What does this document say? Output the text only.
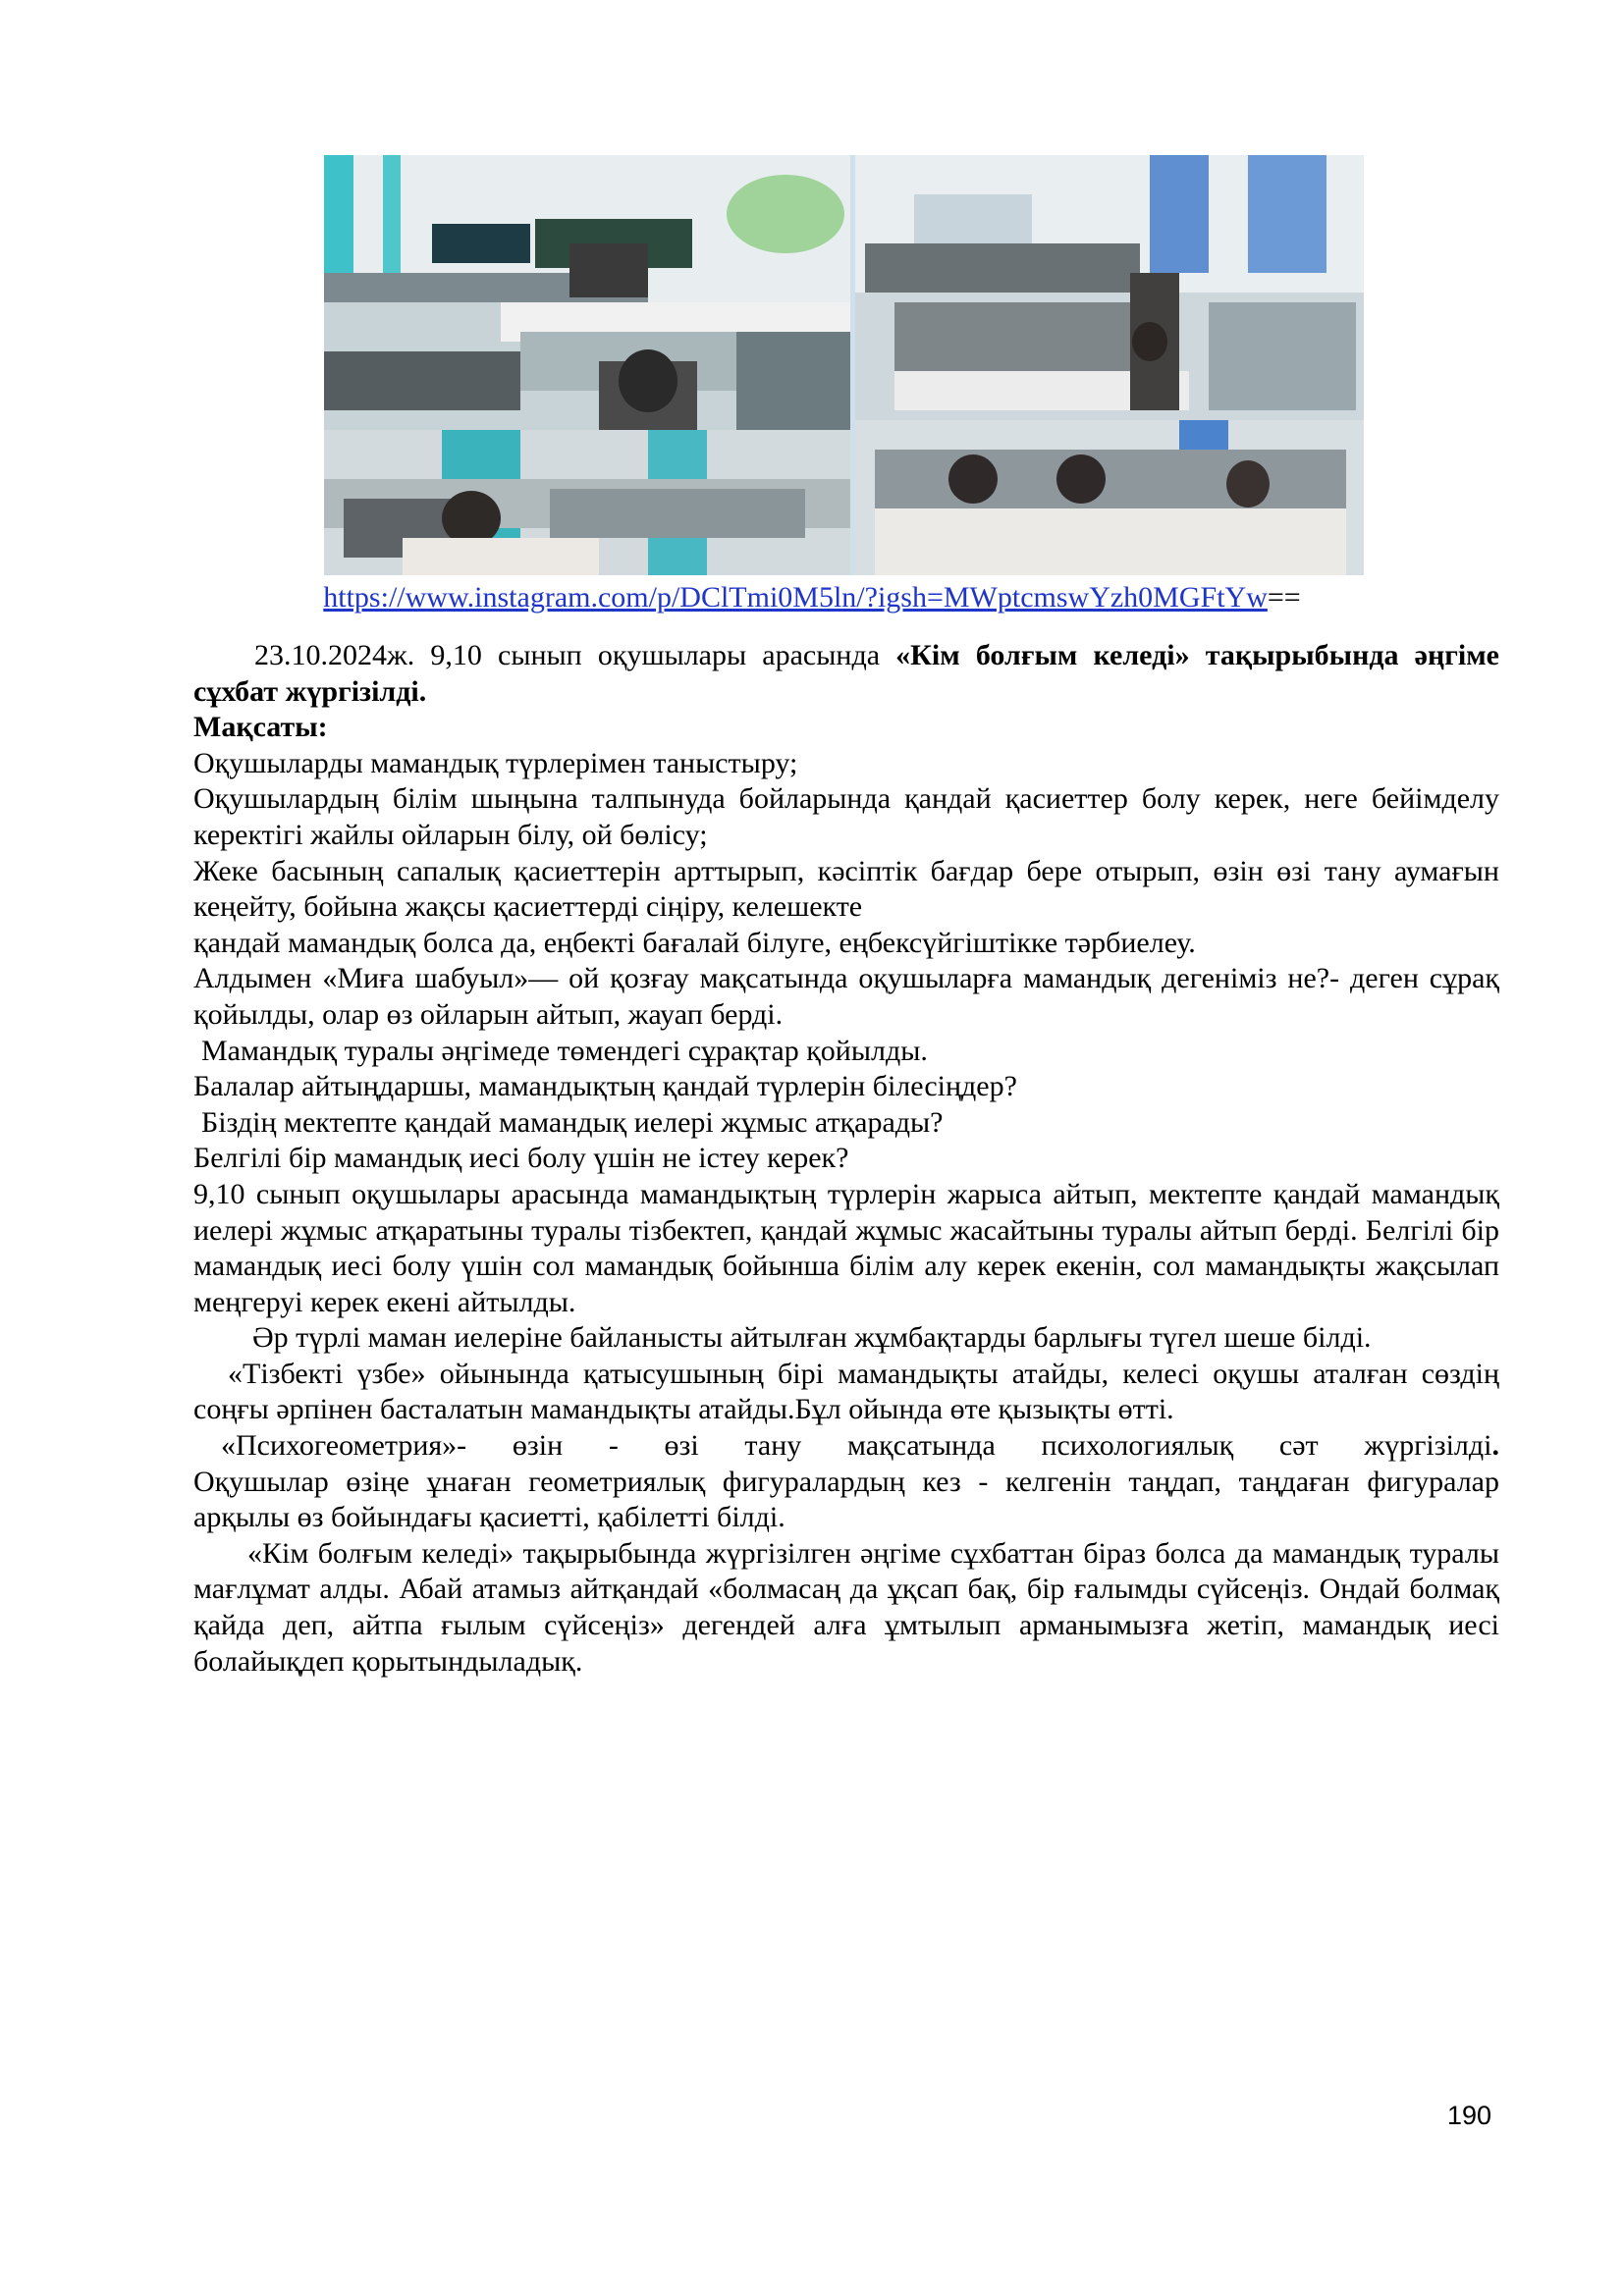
https://www.instagram.com/p/DClTmi0M5ln/?igsh=MWptcmswYzh0MGFtYw==

23.10.2024ж. 9,10 сынып оқушылары арасында «Кім болғым келеді» тақырыбында әңгіме сұхбат жүргізілді.

Мақсаты:

Оқушыларды мамандық түрлерімен таныстыру;

Оқушылардың білім шыңына талпынуда бойларында қандай қасиеттер болу керек, неге бейімделу керектігі жайлы ойларын білу, ой бөлісу;

Жеке басының сапалық қасиеттерін арттырып, кәсіптік бағдар бере отырып, өзін өзі тану аумағын кеңейту, бойына жақсы қасиеттерді сіңіру, келешекте

қандай мамандық болса да, еңбекті бағалай білуге, еңбексүйгіштікке тәрбиелеу.

Алдымен «Миға шабуыл»— ой қозғау мақсатында оқушыларға мамандық дегеніміз не?- деген сұрақ қойылды, олар өз ойларын айтып, жауап берді.

Мамандық туралы әңгімеде төмендегі сұрақтар қойылды.

Балалар айтыңдаршы, мамандықтың қандай түрлерін білесіңдер?

Біздің мектепте қандай мамандық иелері жұмыс атқарады?

Белгілі бір мамандық иесі болу үшін не істеу керек?

9,10 сынып оқушылары арасында мамандықтың түрлерін жарыса айтып, мектепте қандай мамандық иелері жұмыс атқаратыны туралы тізбектеп, қандай жұмыс жасайтыны туралы айтып берді. Белгілі бір мамандық иесі болу үшін сол мамандық бойынша білім алу керек екенін, сол мамандықты жақсылап меңгеруі керек екені айтылды.

Әр түрлі маман иелеріне байланысты айтылған жұмбақтарды барлығы түгел шеше білді.

«Тізбекті үзбе» ойынында қатысушының бірі мамандықты атайды, келесі оқушы аталған сөздің соңғы әрпінен басталатын мамандықты атайды.Бұл ойында өте қызықты өтті.

«Психогеометрия»- өзін - өзі тану мақсатында психологиялық сәт жүргізілді.

Оқушылар өзіңе ұнаған геометриялық фигуралардың кез - келгенін таңдап, таңдаған фигуралар арқылы өз бойындағы қасиетті, қабілетті білді.

«Кім болғым келеді» тақырыбында жүргізілген әңгіме сұхбаттан біраз болса да мамандық туралы мағлұмат алды. Абай атамыз айтқандай «болмасаң да ұқсап бақ, бір ғалымды сүйсеңіз. Ондай болмақ қайда деп, айтпа ғылым сүйсеңіз» дегендей алға ұмтылып арманымызға жетіп, мамандық иесі болайықдеп қорытындыладық.

190
